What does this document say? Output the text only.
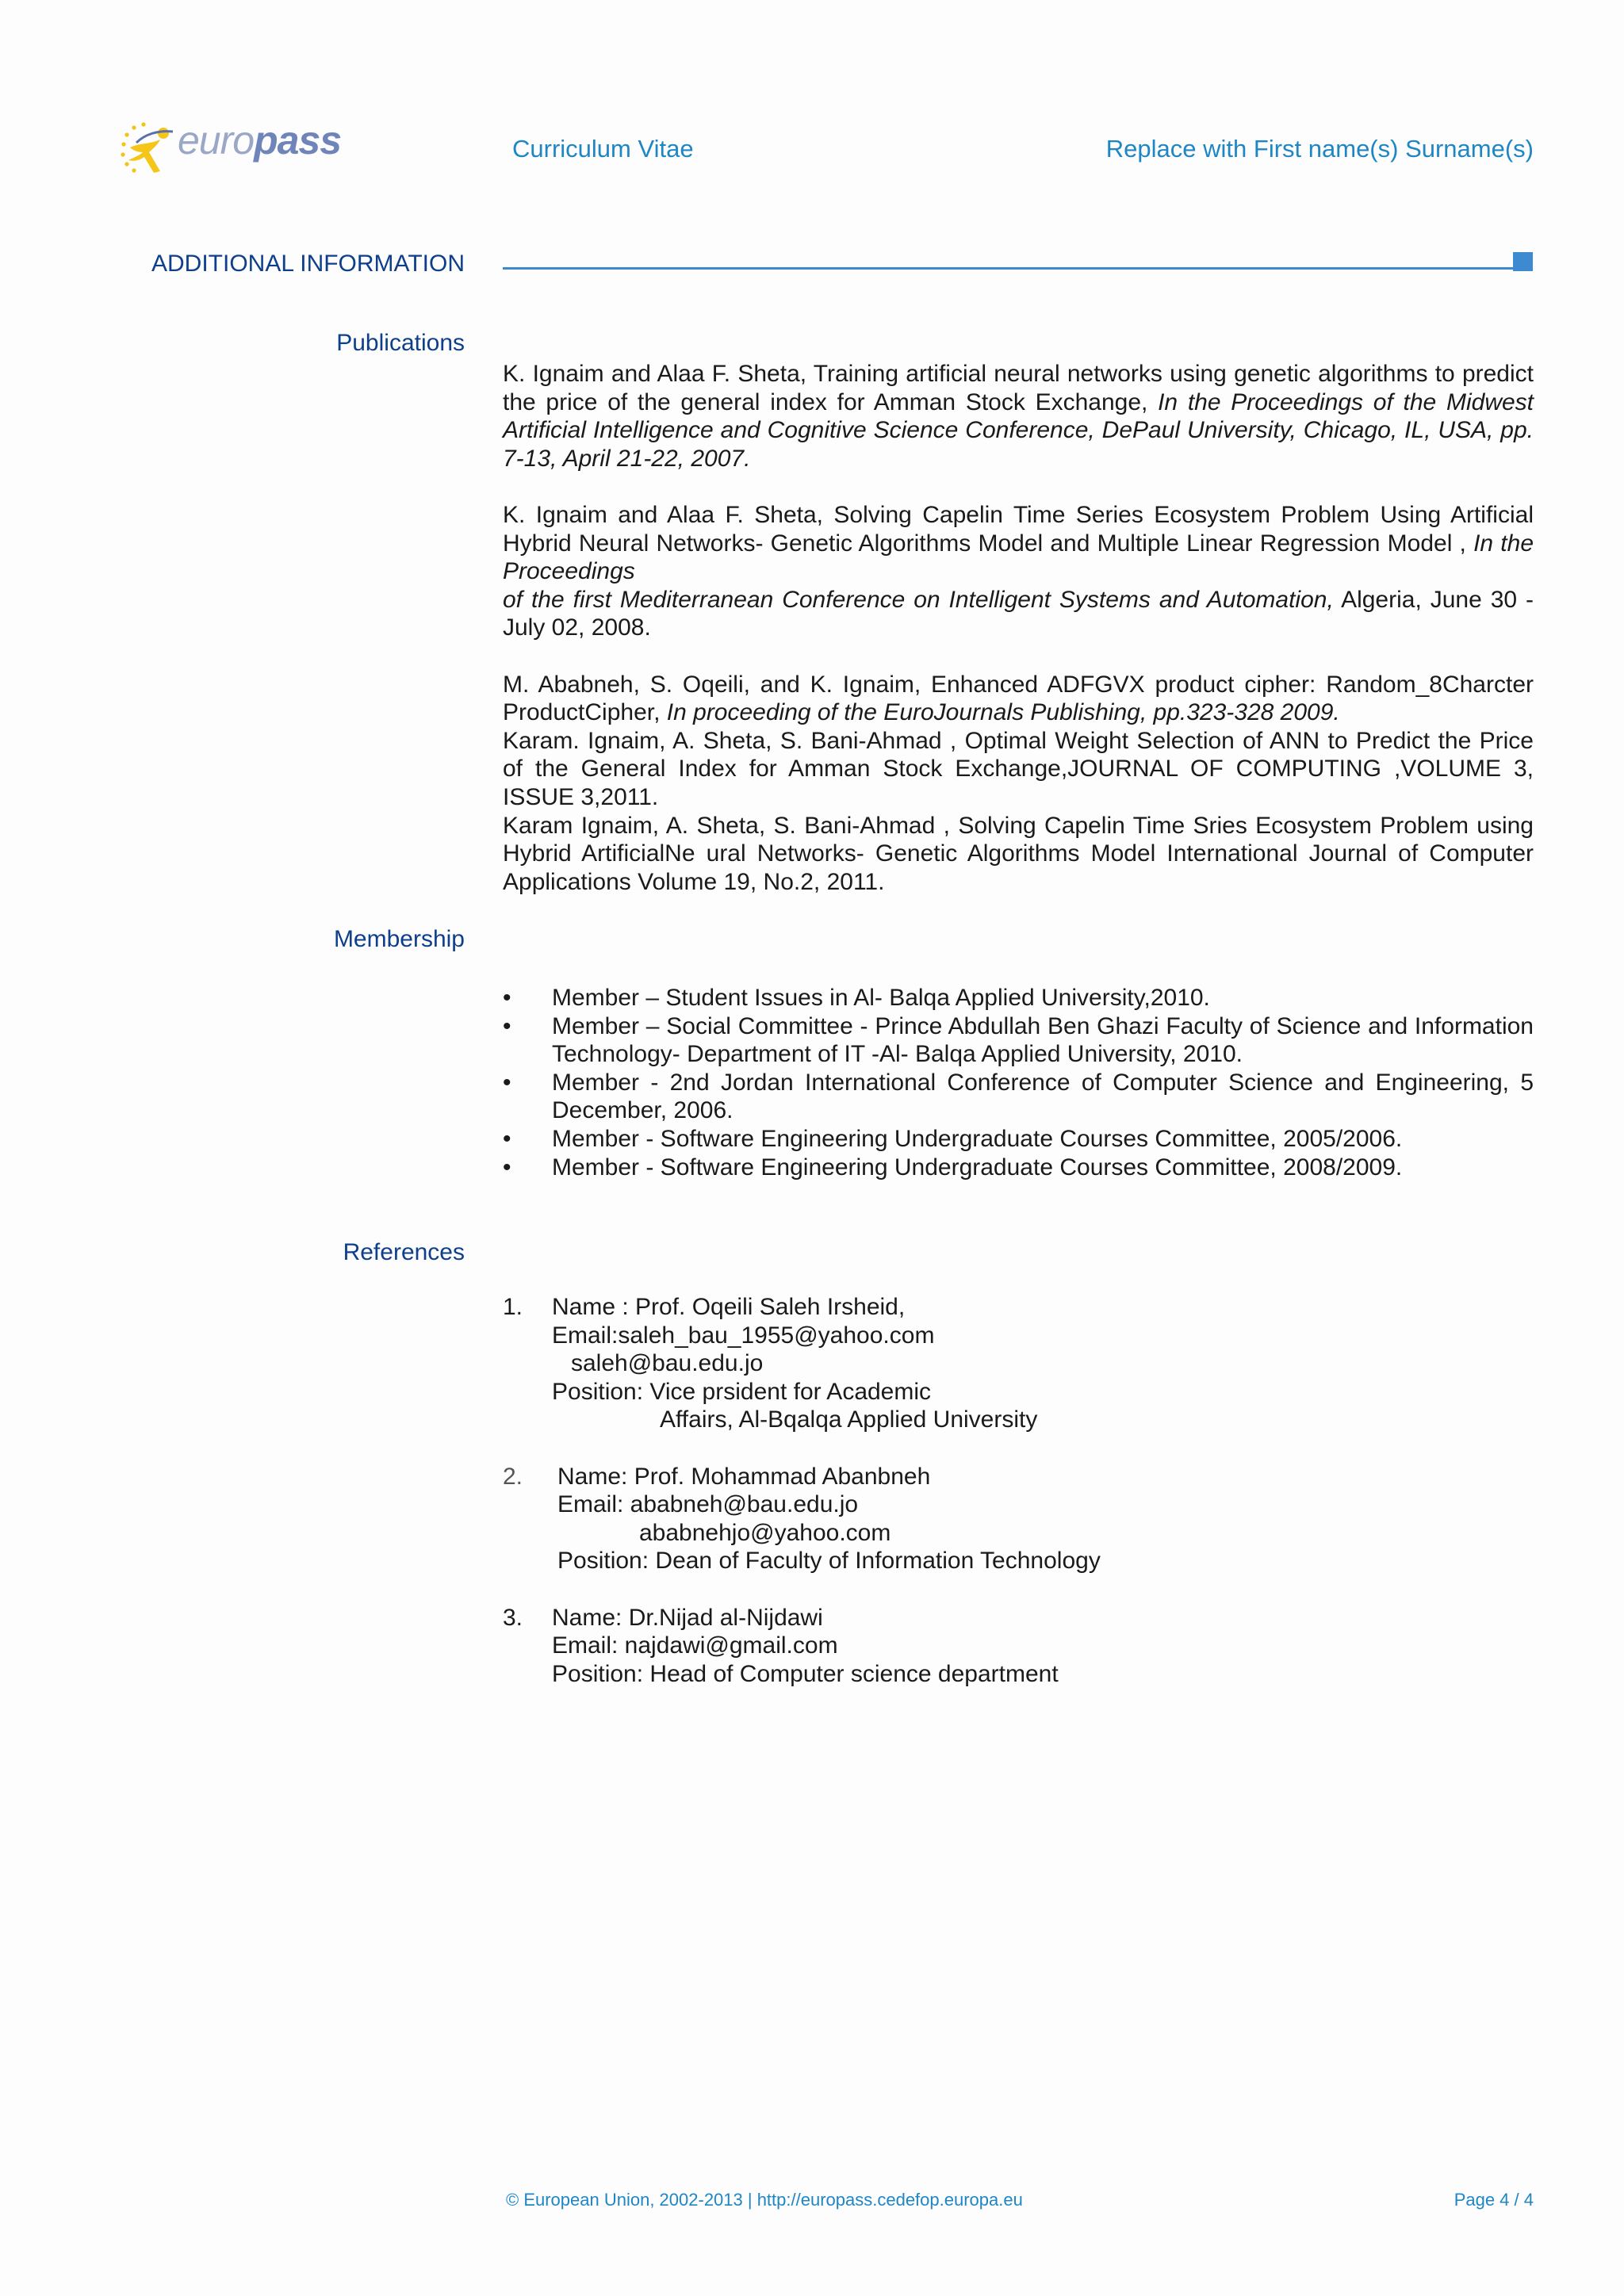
europass	Curriculum Vitae	Replace with First name(s) Surname(s)
ADDITIONAL INFORMATION
Publications

K. Ignaim and Alaa F. Sheta, Training artificial neural networks using genetic algorithms to predict the price of the general index for Amman Stock Exchange, In the Proceedings of the Midwest Artificial Intelligence and Cognitive Science Conference, DePaul University, Chicago, IL, USA, pp. 7-13, April 21-22, 2007.

K. Ignaim and Alaa F. Sheta, Solving Capelin Time Series Ecosystem Problem Using Artificial Hybrid Neural Networks- Genetic Algorithms Model and Multiple Linear Regression Model , In the Proceedings
of the first Mediterranean Conference on Intelligent Systems and Automation, Algeria, June 30 - July 02, 2008.

M. Ababneh, S. Oqeili, and K. Ignaim, Enhanced ADFGVX product cipher: Random_8Charcter ProductCipher, In proceeding of the EuroJournals Publishing, pp.323-328 2009.

Karam. Ignaim, A. Sheta, S. Bani-Ahmad , Optimal Weight Selection of ANN to Predict the Price of the General Index for Amman Stock Exchange,JOURNAL OF COMPUTING ,VOLUME 3, ISSUE 3,2011.

Karam Ignaim, A. Sheta, S. Bani-Ahmad , Solving Capelin Time Sries Ecosystem Problem using Hybrid ArtificialNe ural Networks- Genetic Algorithms Model International Journal of Computer Applications Volume 19, No.2, 2011.

Membership
• Member – Student Issues in Al- Balqa Applied University,2010.
• Member – Social Committee - Prince Abdullah Ben Ghazi Faculty of Science and Information Technology- Department of IT -Al- Balqa Applied University, 2010.
• Member - 2nd Jordan International Conference of Computer Science and Engineering, 5 December, 2006.
• Member - Software Engineering Undergraduate Courses Committee, 2005/2006.
• Member - Software Engineering Undergraduate Courses Committee, 2008/2009.
References
1. Name : Prof. Oqeili Saleh Irsheid,
Email:saleh_bau_1955@yahoo.com
saleh@bau.edu.jo
Position: Vice prsident for Academic
Affairs, Al-Bqalqa Applied University
2. Name: Prof. Mohammad Abanbneh
Email: ababneh@bau.edu.jo
ababnehjo@yahoo.com
Position: Dean of Faculty of Information Technology
3. Name: Dr.Nijad al-Nijdawi
Email: najdawi@gmail.com
Position: Head of Computer science department
© European Union, 2002-2013 | http://europass.cedefop.europa.eu	Page 4 / 4
